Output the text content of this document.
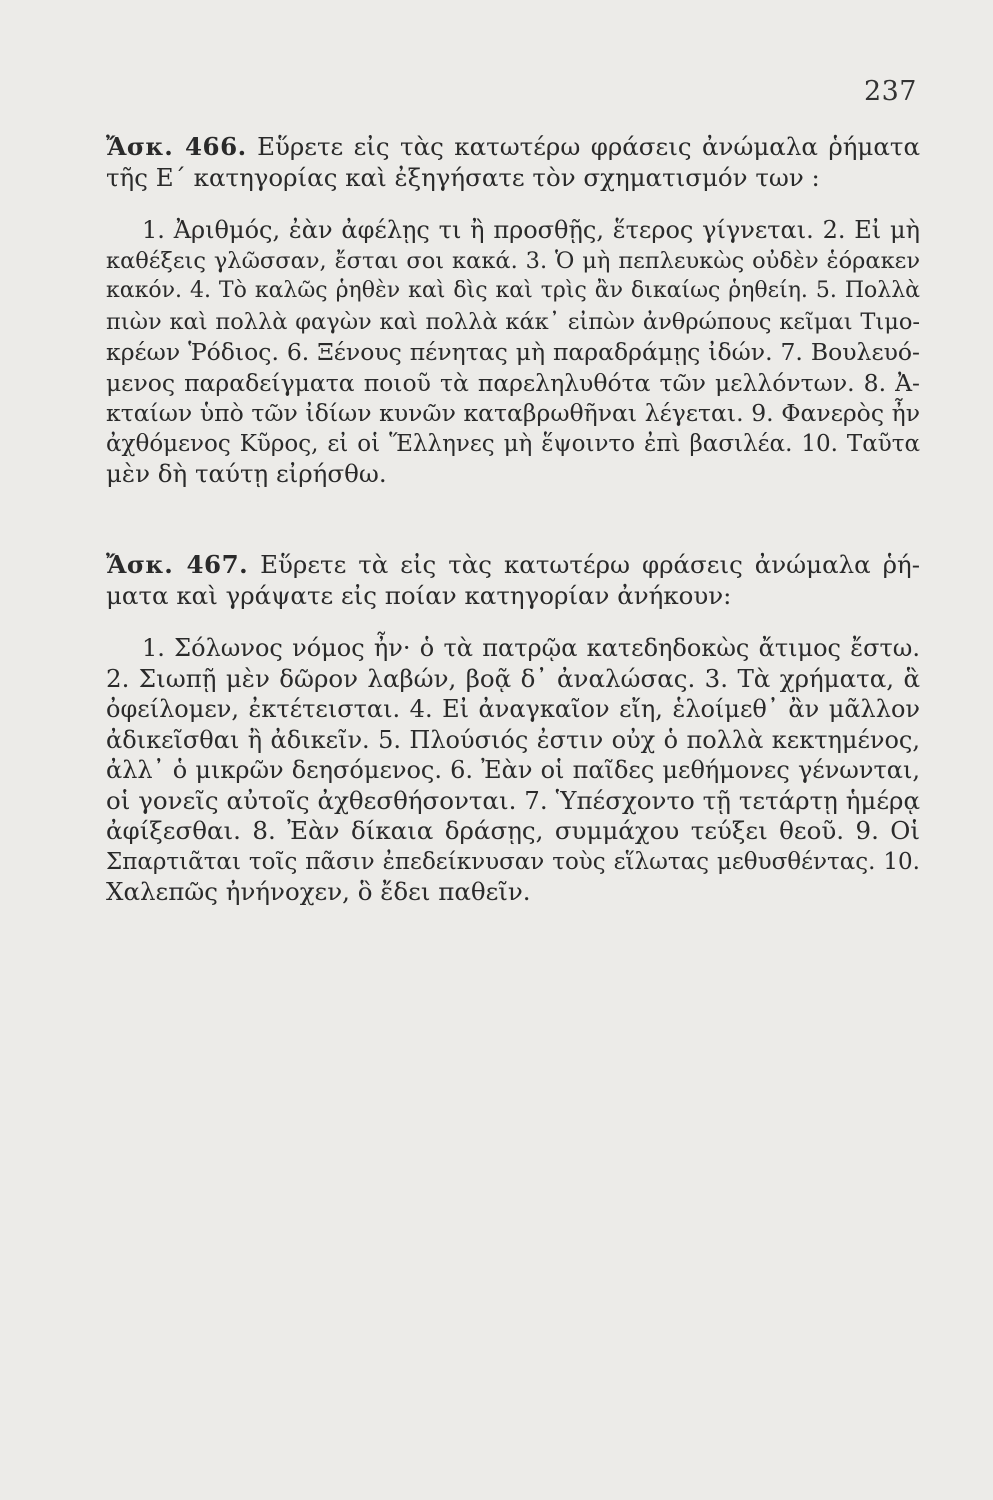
237
Ἄσκ. 466. Εὕρετε εἰς τὰς κατωτέρω φράσεις ἀνώμαλα ῥήματα
τῆς Ε΄ κατηγορίας καὶ ἐξηγήσατε τὸν σχηματισμόν των :
1. Ἀριθμός, ἐὰν ἀφέλῃς τι ἢ προσθῇς, ἕτερος γίγνεται. 2. Εἰ μὴ
καθέξεις γλῶσσαν, ἔσται σοι κακά. 3. Ὁ μὴ πεπλευκὼς οὐδὲν ἑόρακεν
κακόν. 4. Τὸ καλῶς ῥηθὲν καὶ δὶς καὶ τρὶς ἂν δικαίως ῥηθείη. 5. Πολλὰ
πιὼν καὶ πολλὰ φαγὼν καὶ πολλὰ κάκ᾽ εἰπὼν ἀνθρώπους κεῖμαι Τιμο-
κρέων Ῥόδιος. 6. Ξένους πένητας μὴ παραδράμῃς ἰδών. 7. Βουλευό-
μενος παραδείγματα ποιοῦ τὰ παρεληλυθότα τῶν μελλόντων. 8. Ἀ-
κταίων ὑπὸ τῶν ἰδίων κυνῶν καταβρωθῆναι λέγεται. 9. Φανερὸς ἦν
ἀχθόμενος Κῦρος, εἰ οἱ Ἕλληνες μὴ ἕψοιντο ἐπὶ βασιλέα. 10. Ταῦτα
μὲν δὴ ταύτῃ εἰρήσθω.
Ἄσκ. 467. Εὕρετε τὰ εἰς τὰς κατωτέρω φράσεις ἀνώμαλα ῥή-
ματα καὶ γράψατε εἰς ποίαν κατηγορίαν ἀνήκουν:
1. Σόλωνος νόμος ἦν· ὁ τὰ πατρῷα κατεδηδοκὼς ἄτιμος ἔστω.
2. Σιωπῇ μὲν δῶρον λαβών, βοᾷ δ᾽ ἀναλώσας. 3. Τὰ χρήματα, ἃ
ὀφείλομεν, ἐκτέτεισται. 4. Εἰ ἀναγκαῖον εἴη, ἑλοίμεθ᾽ ἂν μᾶλλον
ἀδικεῖσθαι ἢ ἀδικεῖν. 5. Πλούσιός ἐστιν οὐχ ὁ πολλὰ κεκτημένος,
ἀλλ᾽ ὁ μικρῶν δεησόμενος. 6. Ἐὰν οἱ παῖδες μεθήμονες γένωνται,
οἱ γονεῖς αὐτοῖς ἀχθεσθήσονται. 7. Ὑπέσχοντο τῇ τετάρτῃ ἡμέρᾳ
ἀφίξεσθαι. 8. Ἐὰν δίκαια δράσῃς, συμμάχου τεύξει θεοῦ. 9. Οἱ
Σπαρτιᾶται τοῖς πᾶσιν ἐπεδείκνυσαν τοὺς εἵλωτας μεθυσθέντας. 10.
Χαλεπῶς ἠνήνοχεν, ὃ ἔδει παθεῖν.
